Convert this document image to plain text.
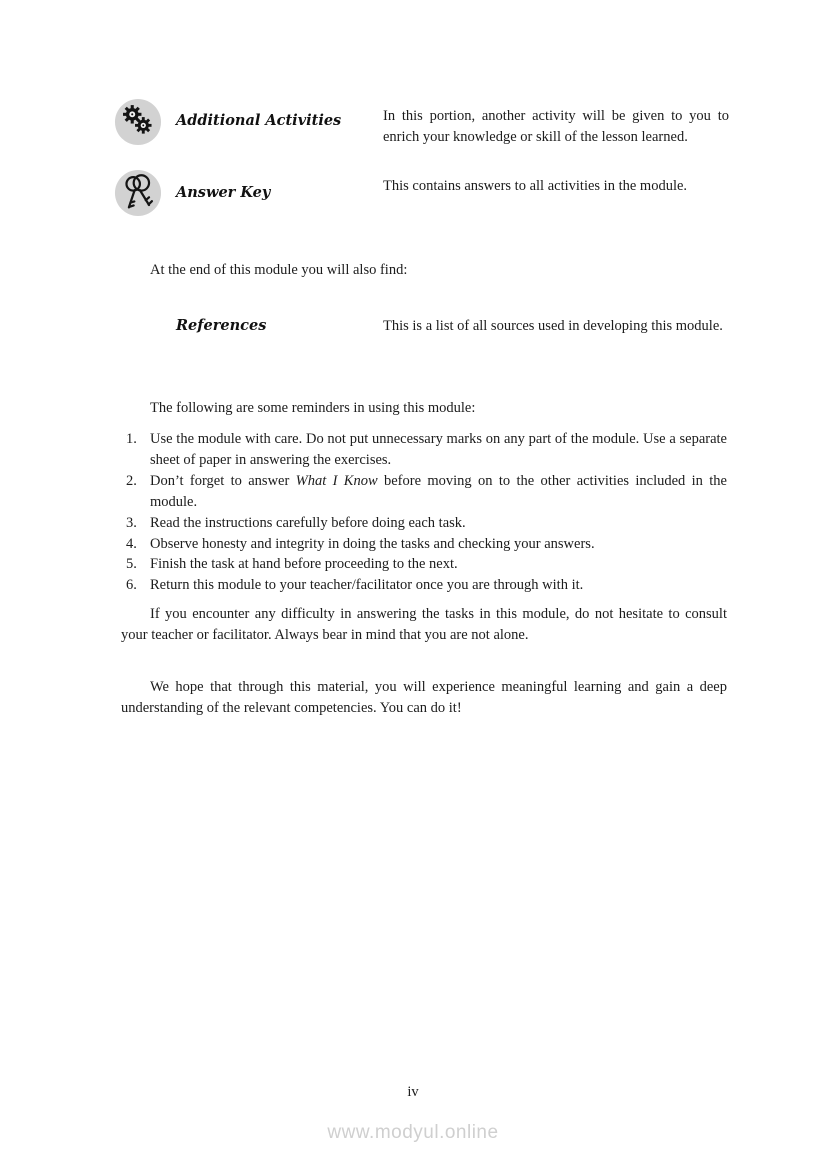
Additional Activities	In this portion, another activity will be given to you to enrich your knowledge or skill of the lesson learned.
Answer Key	This contains answers to all activities in the module.
At the end of this module you will also find:
References	This is a list of all sources used in developing this module.
The following are some reminders in using this module:
1. Use the module with care. Do not put unnecessary marks on any part of the module. Use a separate sheet of paper in answering the exercises.
2. Don’t forget to answer What I Know before moving on to the other activities included in the module.
3. Read the instructions carefully before doing each task.
4. Observe honesty and integrity in doing the tasks and checking your answers.
5. Finish the task at hand before proceeding to the next.
6. Return this module to your teacher/facilitator once you are through with it.
If you encounter any difficulty in answering the tasks in this module, do not hesitate to consult your teacher or facilitator. Always bear in mind that you are not alone.
We hope that through this material, you will experience meaningful learning and gain a deep understanding of the relevant competencies. You can do it!
iv
www.modyul.online
